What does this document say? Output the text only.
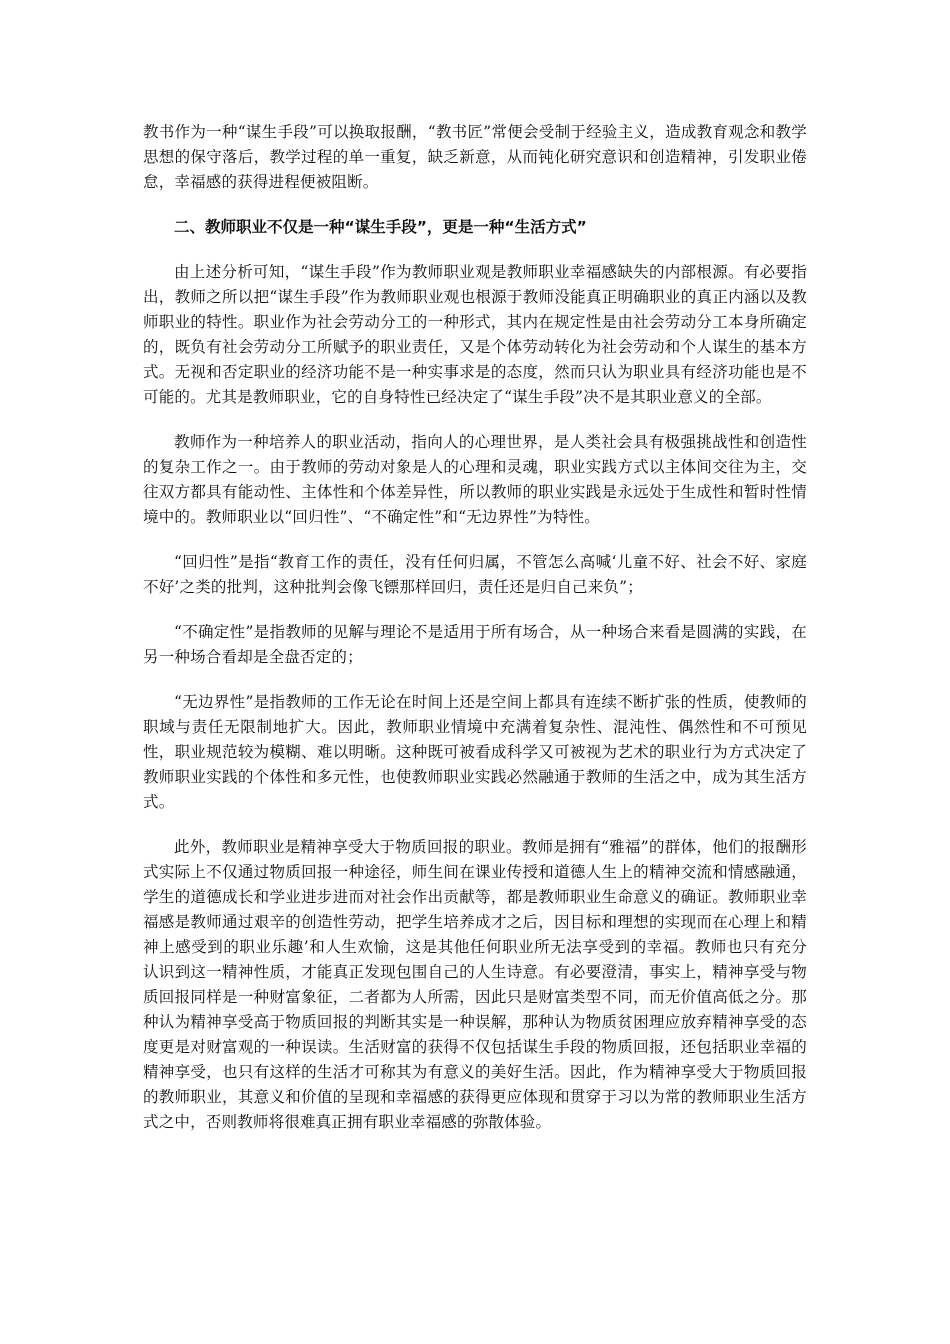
教书作为一种“谋生手段”可以换取报酬，“教书匠”常便会受制于经验主义，造成教育观念和教学思想的保守落后，教学过程的单一重复，缺乏新意，从而钝化研究意识和创造精神，引发职业倦怠，幸福感的获得进程便被阻断。

二、教师职业不仅是一种“谋生手段”，更是一种“生活方式”

由上述分析可知，“谋生手段”作为教师职业观是教师职业幸福感缺失的内部根源。有必要指出，教师之所以把“谋生手段”作为教师职业观也根源于教师没能真正明确职业的真正内涵以及教师职业的特性。职业作为社会劳动分工的一种形式，其内在规定性是由社会劳动分工本身所确定的，既负有社会劳动分工所赋予的职业责任，又是个体劳动转化为社会劳动和个人谋生的基本方式。无视和否定职业的经济功能不是一种实事求是的态度，然而只认为职业具有经济功能也是不可能的。尤其是教师职业，它的自身特性已经决定了“谋生手段”决不是其职业意义的全部。

教师作为一种培养人的职业活动，指向人的心理世界，是人类社会具有极强挑战性和创造性的复杂工作之一。由于教师的劳动对象是人的心理和灵魂，职业实践方式以主体间交往为主，交往双方都具有能动性、主体性和个体差异性，所以教师的职业实践是永远处于生成性和暂时性情境中的。教师职业以“回归性”、“不确定性”和“无边界性”为特性。

“回归性”是指“教育工作的责任，没有任何归属，不管怎么高喊‘儿童不好、社会不好、家庭不好’之类的批判，这种批判会像飞镖那样回归，责任还是归自己来负”；

“不确定性”是指教师的见解与理论不是适用于所有场合，从一种场合来看是圆满的实践，在另一种场合看却是全盘否定的；

“无边界性”是指教师的工作无论在时间上还是空间上都具有连续不断扩张的性质，使教师的职域与责任无限制地扩大。因此，教师职业情境中充满着复杂性、混沌性、偶然性和不可预见性，职业规范较为模糊、难以明晰。这种既可被看成科学又可被视为艺术的职业行为方式决定了教师职业实践的个体性和多元性，也使教师职业实践必然融通于教师的生活之中，成为其生活方式。

此外，教师职业是精神享受大于物质回报的职业。教师是拥有“雅福”的群体，他们的报酬形式实际上不仅通过物质回报一种途径，师生间在课业传授和道德人生上的精神交流和情感融通，学生的道德成长和学业进步进而对社会作出贡献等，都是教师职业生命意义的确证。教师职业幸福感是教师通过艰辛的创造性劳动，把学生培养成才之后，因目标和理想的实现而在心理上和精神上感受到的职业乐趣’和人生欢愉，这是其他任何职业所无法享受到的幸福。教师也只有充分认识到这一精神性质，才能真正发现包围自己的人生诗意。有必要澄清，事实上，精神享受与物质回报同样是一种财富象征，二者都为人所需，因此只是财富类型不同，而无价值高低之分。那种认为精神享受高于物质回报的判断其实是一种误解，那种认为物质贫困理应放弃精神享受的态度更是对财富观的一种误读。生活财富的获得不仅包括谋生手段的物质回报，还包括职业幸福的精神享受，也只有这样的生活才可称其为有意义的美好生活。因此，作为精神享受大于物质回报的教师职业，其意义和价值的呈现和幸福感的获得更应体现和贯穿于习以为常的教师职业生活方式之中，否则教师将很难真正拥有职业幸福感的弥散体验。
